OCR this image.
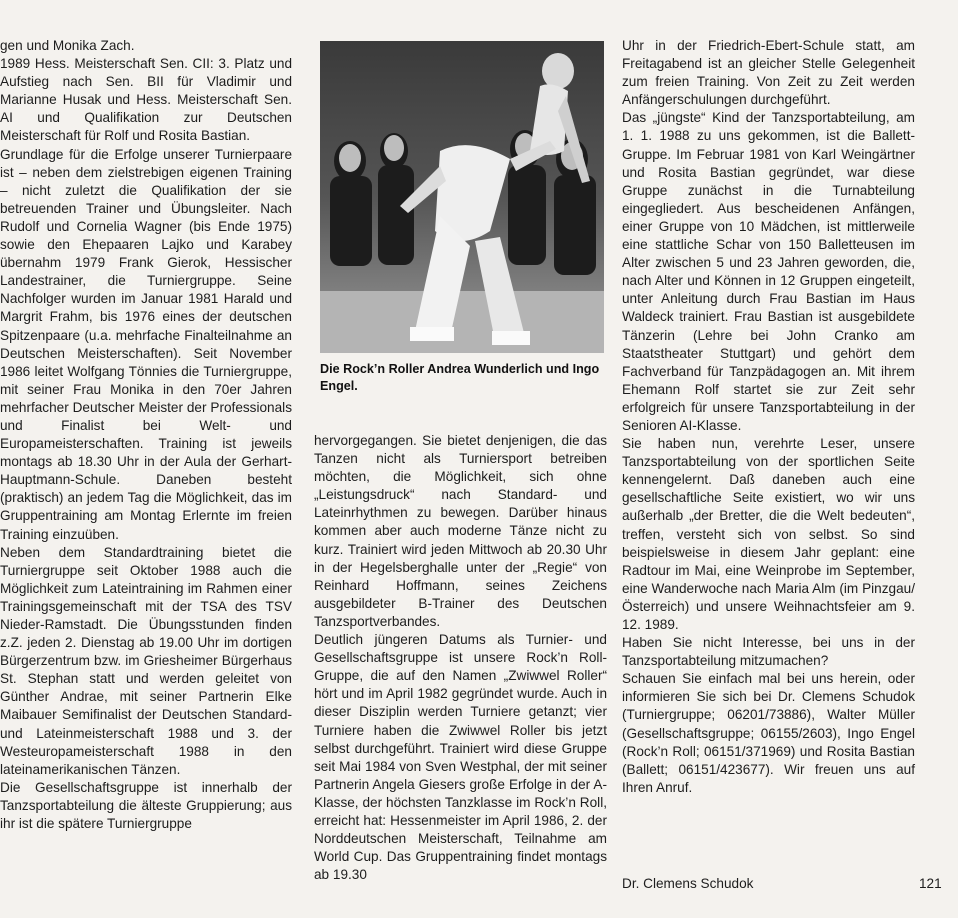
gen und Monika Zach.

1989 Hess. Meisterschaft Sen. CII: 3. Platz und Aufstieg nach Sen. BII für Vladimir und Marianne Husak und Hess. Meisterschaft Sen. AI und Qualifikation zur Deutschen Meisterschaft für Rolf und Rosita Bastian.

Grundlage für die Erfolge unserer Turnierpaare ist – neben dem zielstrebigen eigenen Training – nicht zuletzt die Qualifikation der sie betreuenden Trainer und Übungsleiter. Nach Rudolf und Cornelia Wagner (bis Ende 1975) sowie den Ehepaaren Lajko und Karabey übernahm 1979 Frank Gierok, Hessischer Landestrainer, die Turniergruppe. Seine Nachfolger wurden im Januar 1981 Harald und Margrit Frahm, bis 1976 eines der deutschen Spitzenpaare (u.a. mehrfache Finalteilnahme an Deutschen Meisterschaften). Seit November 1986 leitet Wolfgang Tönnies die Turniergruppe, mit seiner Frau Monika in den 70er Jahren mehrfacher Deutscher Meister der Professionals und Finalist bei Welt- und Europameisterschaften. Training ist jeweils montags ab 18.30 Uhr in der Aula der Gerhart-Hauptmann-Schule. Daneben besteht (praktisch) an jedem Tag die Möglichkeit, das im Gruppentraining am Montag Erlernte im freien Training einzuüben.

Neben dem Standardtraining bietet die Turniergruppe seit Oktober 1988 auch die Möglichkeit zum Lateintraining im Rahmen einer Trainingsgemeinschaft mit der TSA des TSV Nieder-Ramstadt. Die Übungsstunden finden z.Z. jeden 2. Dienstag ab 19.00 Uhr im dortigen Bürgerzentrum bzw. im Griesheimer Bürgerhaus St. Stephan statt und werden geleitet von Günther Andrae, mit seiner Partnerin Elke Maibauer Semifinalist der Deutschen Standard- und Lateinmeisterschaft 1988 und 3. der Westeuropameisterschaft 1988 in den lateinamerikanischen Tänzen.

Die Gesellschaftsgruppe ist innerhalb der Tanzsportabteilung die älteste Gruppierung; aus ihr ist die spätere Turniergruppe

Die Rock’n Roller Andrea Wunderlich und Ingo Engel.

hervorgegangen. Sie bietet denjenigen, die das Tanzen nicht als Turniersport betreiben möchten, die Möglichkeit, sich ohne „Leistungsdruck“ nach Standard- und Lateinrhythmen zu bewegen. Darüber hinaus kommen aber auch moderne Tänze nicht zu kurz. Trainiert wird jeden Mittwoch ab 20.30 Uhr in der Hegelsberghalle unter der „Regie“ von Reinhard Hoffmann, seines Zeichens ausgebildeter B-Trainer des Deutschen Tanzsportverbandes.

Deutlich jüngeren Datums als Turnier- und Gesellschaftsgruppe ist unsere Rock’n Roll-Gruppe, die auf den Namen „Zwiwwel Roller“ hört und im April 1982 gegründet wurde. Auch in dieser Disziplin werden Turniere getanzt; vier Turniere haben die Zwiwwel Roller bis jetzt selbst durchgeführt. Trainiert wird diese Gruppe seit Mai 1984 von Sven Westphal, der mit seiner Partnerin Angela Giesers große Erfolge in der A-Klasse, der höchsten Tanzklasse im Rock’n Roll, erreicht hat: Hessenmeister im April 1986, 2. der Norddeutschen Meisterschaft, Teilnahme am World Cup. Das Gruppentraining findet montags ab 19.30

Uhr in der Friedrich-Ebert-Schule statt, am Freitagabend ist an gleicher Stelle Gelegenheit zum freien Training. Von Zeit zu Zeit werden Anfängerschulungen durchgeführt.

Das „jüngste“ Kind der Tanzsportabteilung, am 1. 1. 1988 zu uns gekommen, ist die Ballett-Gruppe. Im Februar 1981 von Karl Weingärtner und Rosita Bastian gegründet, war diese Gruppe zunächst in die Turnabteilung eingegliedert. Aus bescheidenen Anfängen, einer Gruppe von 10 Mädchen, ist mittlerweile eine stattliche Schar von 150 Balletteusen im Alter zwischen 5 und 23 Jahren geworden, die, nach Alter und Können in 12 Gruppen eingeteilt, unter Anleitung durch Frau Bastian im Haus Waldeck trainiert. Frau Bastian ist ausgebildete Tänzerin (Lehre bei John Cranko am Staatstheater Stuttgart) und gehört dem Fachverband für Tanzpädagogen an. Mit ihrem Ehemann Rolf startet sie zur Zeit sehr erfolgreich für unsere Tanzsportabteilung in der Senioren AI-Klasse.

Sie haben nun, verehrte Leser, unsere Tanzsportabteilung von der sportlichen Seite kennengelernt. Daß daneben auch eine gesellschaftliche Seite existiert, wo wir uns außerhalb „der Bretter, die die Welt bedeuten“, treffen, versteht sich von selbst. So sind beispielsweise in diesem Jahr geplant: eine Radtour im Mai, eine Weinprobe im September, eine Wanderwoche nach Maria Alm (im Pinzgau/Österreich) und unsere Weihnachtsfeier am 9. 12. 1989.

Haben Sie nicht Interesse, bei uns in der Tanzsportabteilung mitzumachen?

Schauen Sie einfach mal bei uns herein, oder informieren Sie sich bei Dr. Clemens Schudok (Turniergruppe; 06201/73886), Walter Müller (Gesellschaftsgruppe; 06155/2603), Ingo Engel (Rock’n Roll; 06151/371969) und Rosita Bastian (Ballett; 06151/423677). Wir freuen uns auf Ihren Anruf.

Dr. Clemens Schudok	121
